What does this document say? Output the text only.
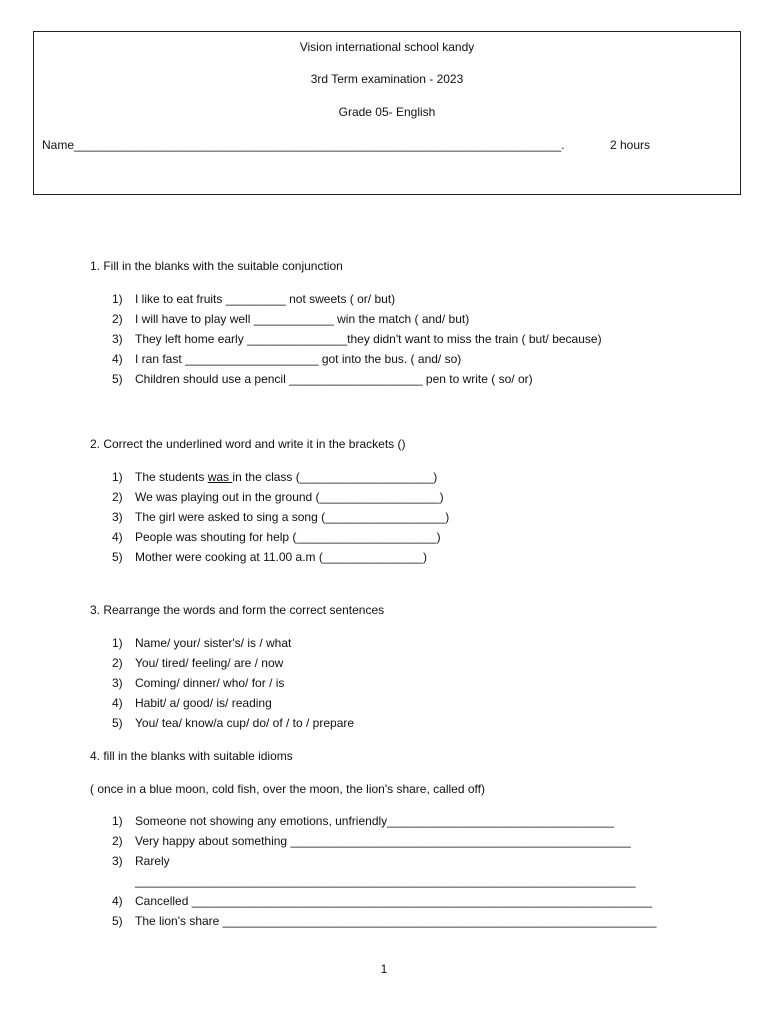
Vision international school kandy
3rd Term examination - 2023
Grade 05- English
Name_________________________________________________________________________.	2 hours
1. Fill in the blanks with the suitable conjunction
1)	I like to eat fruits _________ not sweets ( or/ but)
2)	I will have to play well ____________ win the match ( and/ but)
3)	They left home early _______________they didn't want to miss the train ( but/ because)
4)	I ran fast ____________________ got into the bus. ( and/ so)
5)	Children should use a pencil ____________________ pen to write ( so/ or)
2. Correct the underlined word and write it in the brackets ()
1)	The students was in the class (____________________)
2)	We was playing out in the ground (__________________)
3)	The girl were asked to sing a song (__________________)
4)	People was shouting for help (_____________________)
5)	Mother were cooking at 11.00 a.m (_______________)
3. Rearrange the words and form the correct sentences
1)	Name/ your/ sister's/ is / what
2)	You/ tired/ feeling/ are / now
3)	Coming/ dinner/ who/ for / is
4)	Habit/ a/ good/ is/ reading
5)	You/ tea/ know/a cup/ do/ of / to / prepare
4. fill in the blanks with suitable idioms
( once in a blue moon, cold fish, over the moon, the lion's share, called off)
1)	Someone not showing any emotions, unfriendly__________________________________
2)	Very happy about something ___________________________________________________
3)	Rarely
___________________________________________________________________________
4)	Cancelled _____________________________________________________________________
5)	The lion's share _________________________________________________________________
1
